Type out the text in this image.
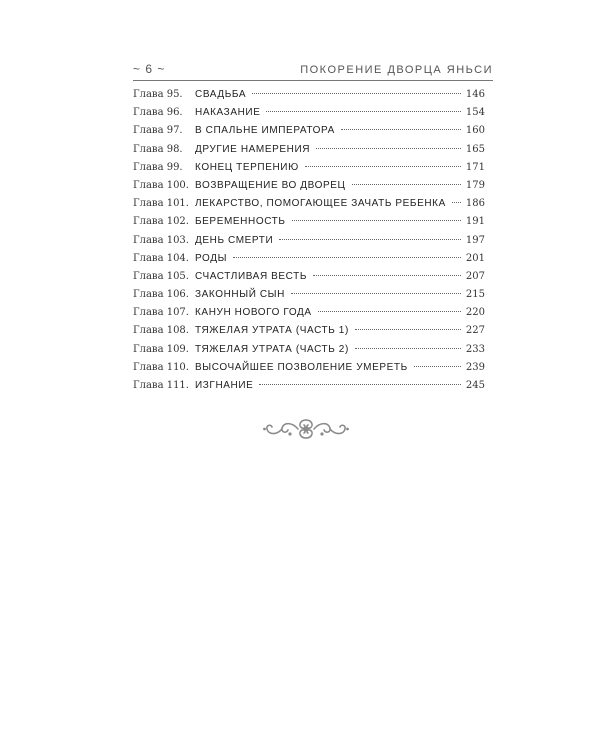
~ 6 ~	ПОКОРЕНИЕ ДВОРЦА ЯНЬСИ
Глава 95.	СВАДЬБА	146
Глава 96.	НАКАЗАНИЕ	154
Глава 97.	В СПАЛЬНЕ ИМПЕРАТОРА	160
Глава 98.	ДРУГИЕ НАМЕРЕНИЯ	165
Глава 99.	КОНЕЦ ТЕРПЕНИЮ	171
Глава 100. ВОЗВРАЩЕНИЕ ВО ДВОРЕЦ	179
Глава 101. ЛЕКАРСТВО, ПОМОГАЮЩЕЕ ЗАЧАТЬ РЕБЕНКА	186
Глава 102. БЕРЕМЕННОСТЬ	191
Глава 103. ДЕНЬ СМЕРТИ	197
Глава 104. РОДЫ	201
Глава 105. СЧАСТЛИВАЯ ВЕСТЬ	207
Глава 106. ЗАКОННЫЙ СЫН	215
Глава 107. КАНУН НОВОГО ГОДА	220
Глава 108. ТЯЖЕЛАЯ УТРАТА (ЧАСТЬ 1)	227
Глава 109. ТЯЖЕЛАЯ УТРАТА (ЧАСТЬ 2)	233
Глава 110. ВЫСОЧАЙШЕЕ ПОЗВОЛЕНИЕ УМЕРЕТЬ	239
Глава 111. ИЗГНАНИЕ	245
